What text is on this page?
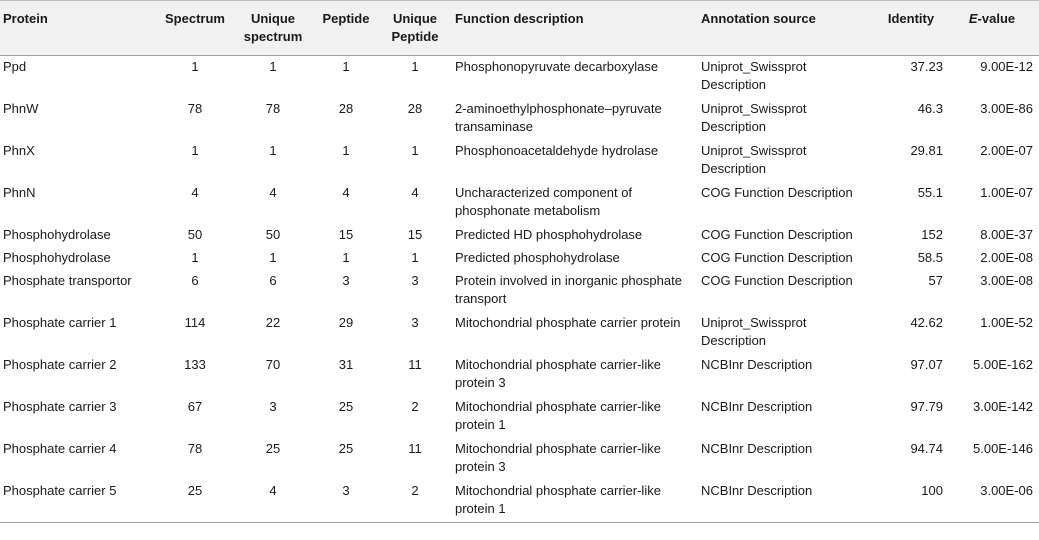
Protein	Spectrum	Unique spectrum	Peptide	Unique Peptide	Function description	Annotation source	Identity	E-value
Ppd	1	1	1	1	Phosphonopyruvate decarboxylase	Uniprot_Swissprot Description	37.23	9.00E-12
PhnW	78	78	28	28	2-aminoethylphosphonate–pyruvate transaminase	Uniprot_Swissprot Description	46.3	3.00E-86
PhnX	1	1	1	1	Phosphonoacetaldehyde hydrolase	Uniprot_Swissprot Description	29.81	2.00E-07
PhnN	4	4	4	4	Uncharacterized component of phosphonate metabolism	COG Function Description	55.1	1.00E-07
Phosphohydrolase	50	50	15	15	Predicted HD phosphohydrolase	COG Function Description	152	8.00E-37
Phosphohydrolase	1	1	1	1	Predicted phosphohydrolase	COG Function Description	58.5	2.00E-08
Phosphate transportor	6	6	3	3	Protein involved in inorganic phosphate transport	COG Function Description	57	3.00E-08
Phosphate carrier 1	114	22	29	3	Mitochondrial phosphate carrier protein	Uniprot_Swissprot Description	42.62	1.00E-52
Phosphate carrier 2	133	70	31	11	Mitochondrial phosphate carrier-like protein 3	NCBInr Description	97.07	5.00E-162
Phosphate carrier 3	67	3	25	2	Mitochondrial phosphate carrier-like protein 1	NCBInr Description	97.79	3.00E-142
Phosphate carrier 4	78	25	25	11	Mitochondrial phosphate carrier-like protein 3	NCBInr Description	94.74	5.00E-146
Phosphate carrier 5	25	4	3	2	Mitochondrial phosphate carrier-like protein 1	NCBInr Description	100	3.00E-06
